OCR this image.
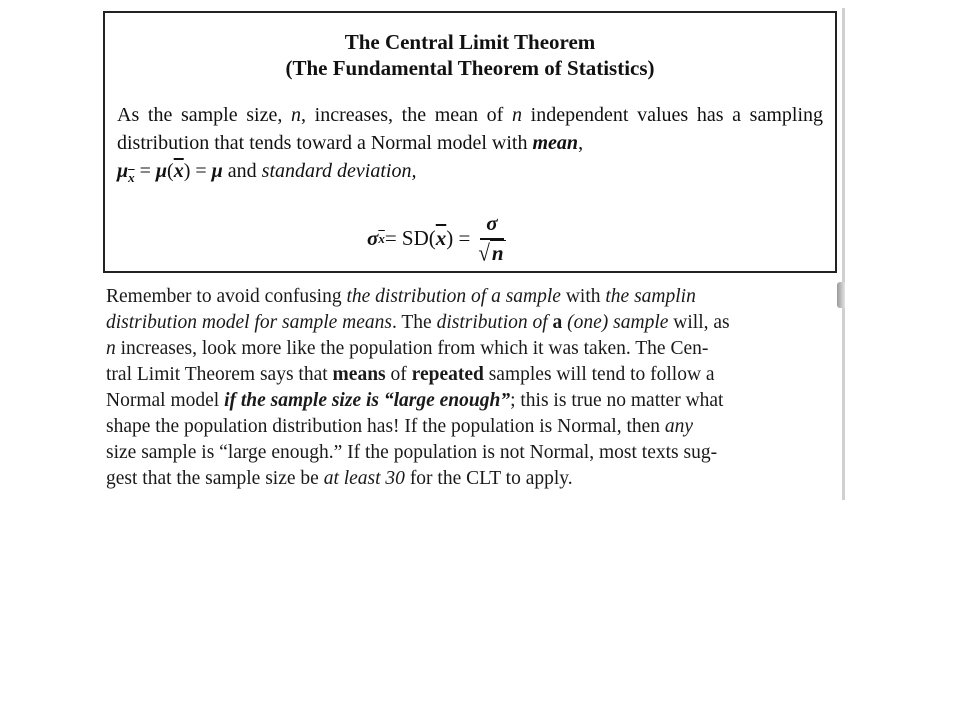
The Central Limit Theorem

(The Fundamental Theorem of Statistics)

As the sample size, n, increases, the mean of n independent values has a sampling distribution that tends toward a Normal model with mean,

$\mu_{\overline{x}} = \mu(\overline{x}) = \mu$ and standard deviation,

σ $\overline{x} = SD$( $\overline{x}$ ) = $\frac{\sigma}{√n}$

Remember to avoid confusing the distribution of a sample with the samplin
distribution model for sample means. The distribution of a (one) sample will, as
n increases, look more like the population from which it was taken. The Cen-
tral Limit Theorem says that means of repeated samples will tend to follow a
Normal model if the sample size is “large enough”; this is true no matter what
shape the population distribution has! If the population is Normal, then any
size sample is “large enough.” If the population is not Normal, most texts sug-
gest that the sample size be at least 30 for the CLT to apply.
